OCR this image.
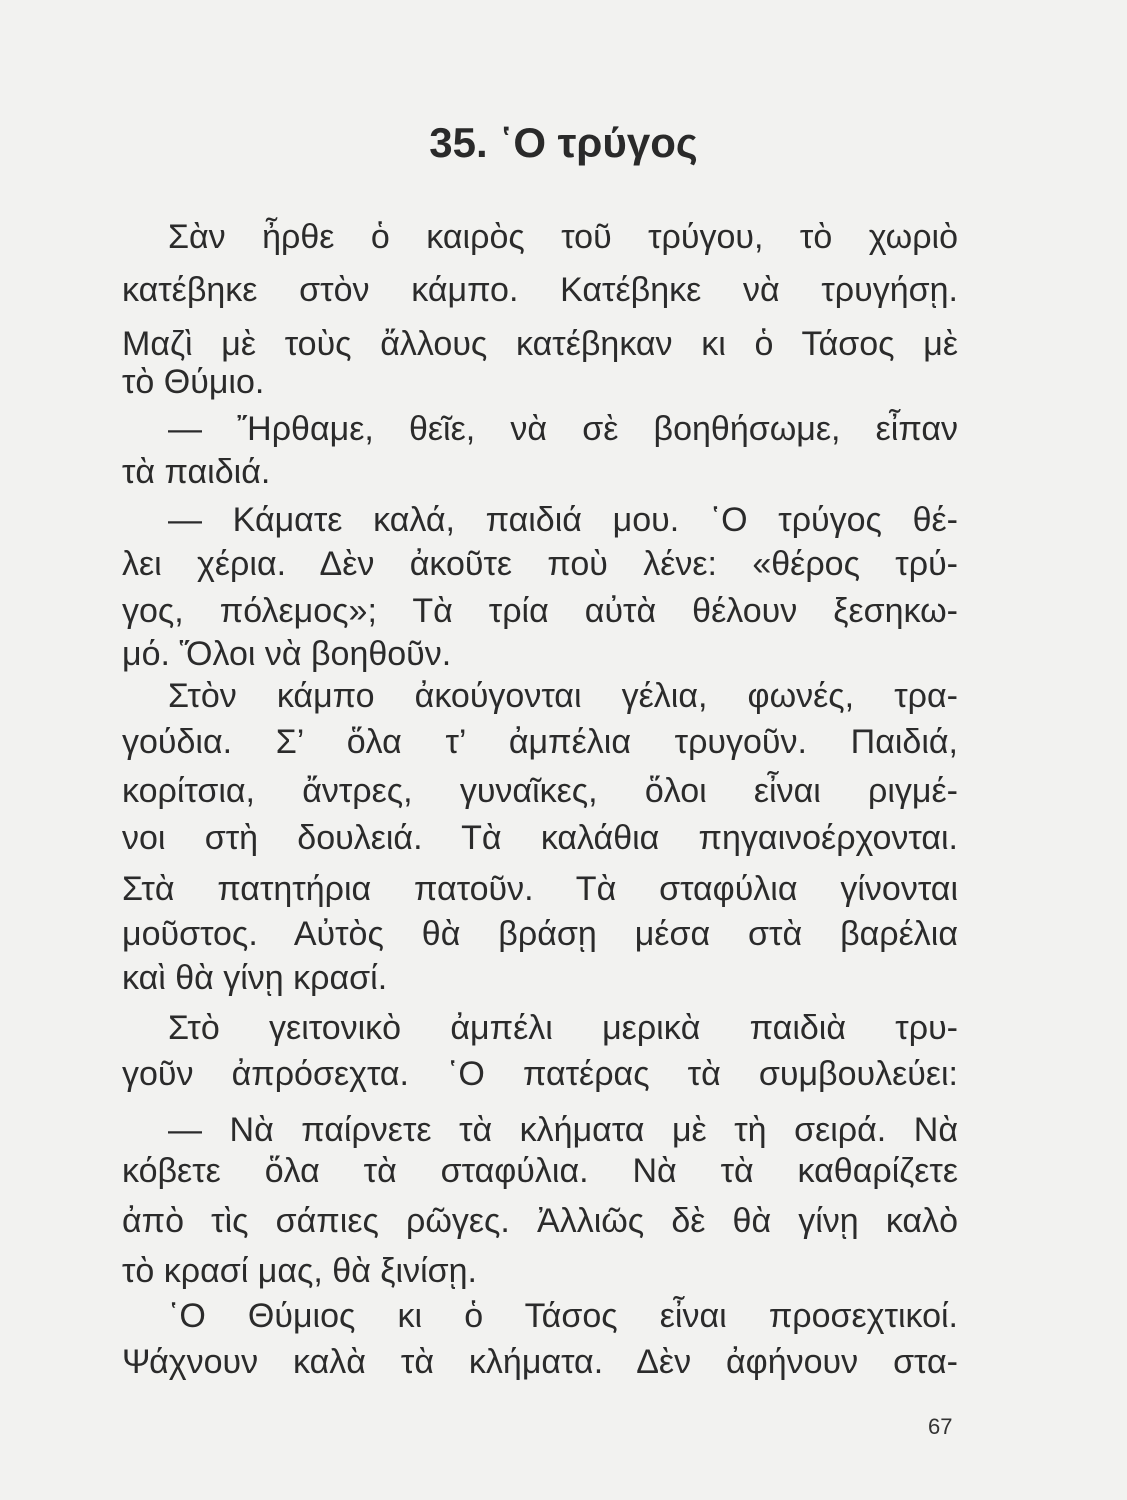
35. ῾Ο τρύγος
Σὰν ἦρθε ὁ καιρὸς τοῦ τρύγου, τὸ χωριὸ
κατέβηκε στὸν κάμπο. Κατέβηκε νὰ τρυγήσῃ.
Μαζὶ μὲ τοὺς ἄλλους κατέβηκαν κι ὁ Τάσος μὲ
τὸ Θύμιο.
— Ἤρθαμε, θεῖε, νὰ σὲ βοηθήσωμε, εἶπαν
τὰ παιδιά.
— Κάματε καλά, παιδιά μου. ῾Ο τρύγος θέ-
λει χέρια. Δὲν ἀκοῦτε ποὺ λένε: «θέρος τρύ-
γος, πόλεμος»; Τὰ τρία αὐτὰ θέλουν ξεσηκω-
μό. Ὅλοι νὰ βοηθοῦν.
Στὸν κάμπο ἀκούγονται γέλια, φωνές, τρα-
γούδια. Σ’ ὅλα τ’ ἀμπέλια τρυγοῦν. Παιδιά,
κορίτσια, ἄντρες, γυναῖκες, ὅλοι εἶναι ριγμέ-
νοι στὴ δουλειά. Τὰ καλάθια πηγαινοέρχονται.
Στὰ πατητήρια πατοῦν. Τὰ σταφύλια γίνονται
μοῦστος. Αὐτὸς θὰ βράσῃ μέσα στὰ βαρέλια
καὶ θὰ γίνῃ κρασί.
Στὸ γειτονικὸ ἀμπέλι μερικὰ παιδιὰ τρυ-
γοῦν ἀπρόσεχτα. ῾Ο πατέρας τὰ συμβουλεύει:
— Νὰ παίρνετε τὰ κλήματα μὲ τὴ σειρά. Νὰ
κόβετε ὅλα τὰ σταφύλια. Νὰ τὰ καθαρίζετε
ἀπὸ τὶς σάπιες ρῶγες. Ἀλλιῶς δὲ θὰ γίνῃ καλὸ
τὸ κρασί μας, θὰ ξινίσῃ.
῾Ο Θύμιος κι ὁ Τάσος εἶναι προσεχτικοί.
Ψάχνουν καλὰ τὰ κλήματα. Δὲν ἀφήνουν στα-
67
